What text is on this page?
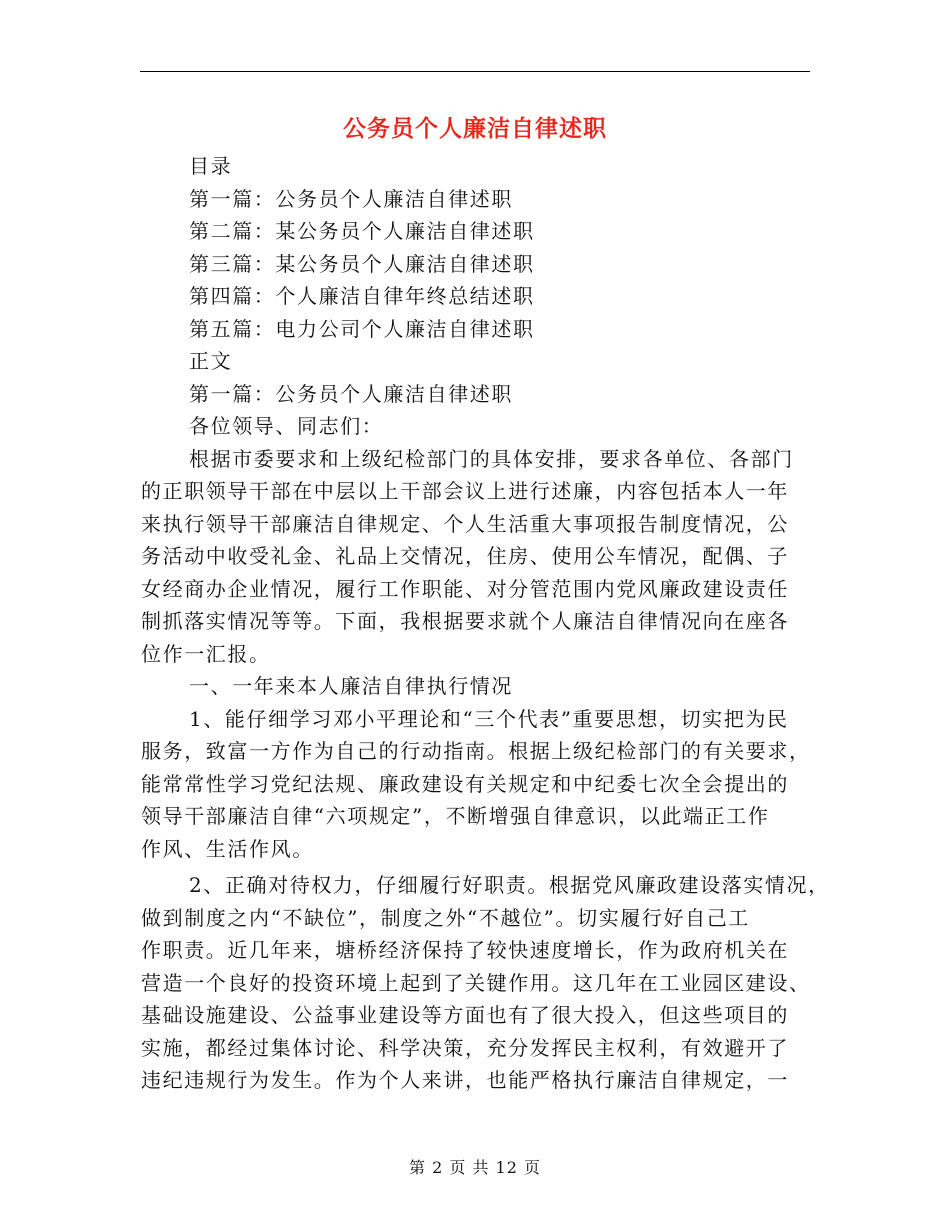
公务员个人廉洁自律述职
目录
第一篇：公务员个人廉洁自律述职
第二篇：某公务员个人廉洁自律述职
第三篇：某公务员个人廉洁自律述职
第四篇：个人廉洁自律年终总结述职
第五篇：电力公司个人廉洁自律述职
正文
第一篇：公务员个人廉洁自律述职
各位领导、同志们：
根据市委要求和上级纪检部门的具体安排，要求各单位、各部门
的正职领导干部在中层以上干部会议上进行述廉，内容包括本人一年
来执行领导干部廉洁自律规定、个人生活重大事项报告制度情况，公
务活动中收受礼金、礼品上交情况，住房、使用公车情况，配偶、子
女经商办企业情况，履行工作职能、对分管范围内党风廉政建设责任
制抓落实情况等等。下面，我根据要求就个人廉洁自律情况向在座各
位作一汇报。
一、一年来本人廉洁自律执行情况
1、能仔细学习邓小平理论和“三个代表”重要思想，切实把为民
服务，致富一方作为自己的行动指南。根据上级纪检部门的有关要求，
能常常性学习党纪法规、廉政建设有关规定和中纪委七次全会提出的
领导干部廉洁自律“六项规定”，不断增强自律意识，以此端正工作
作风、生活作风。
2、正确对待权力，仔细履行好职责。根据党风廉政建设落实情况，
做到制度之内“不缺位”，制度之外“不越位”。切实履行好自己工
作职责。近几年来，塘桥经济保持了较快速度增长，作为政府机关在
营造一个良好的投资环境上起到了关键作用。这几年在工业园区建设、
基础设施建设、公益事业建设等方面也有了很大投入，但这些项目的
实施，都经过集体讨论、科学决策，充分发挥民主权利，有效避开了
违纪违规行为发生。作为个人来讲，也能严格执行廉洁自律规定，一
第 2 页 共 12 页
